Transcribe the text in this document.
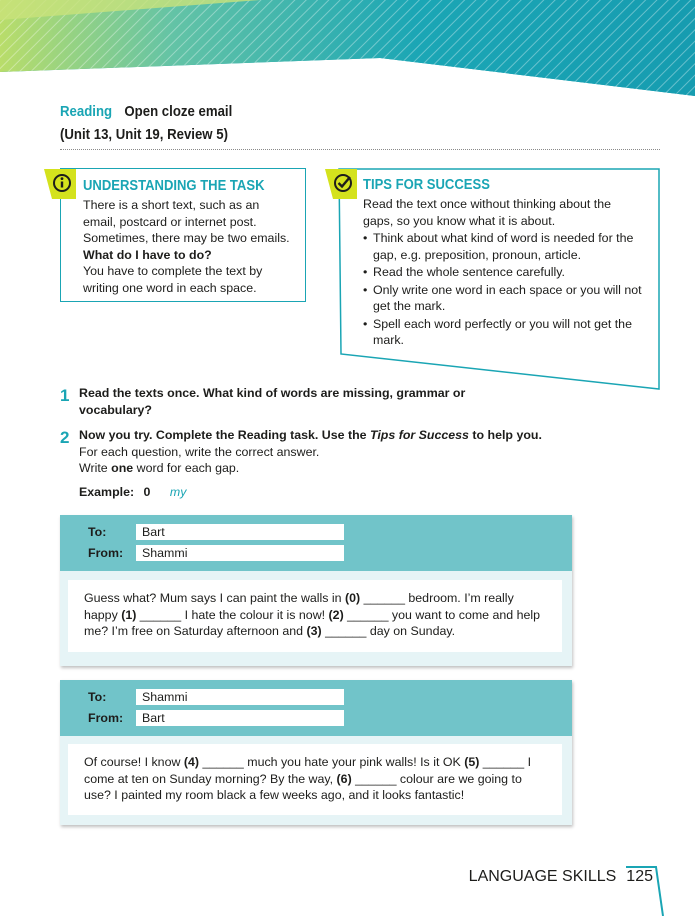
Reading Open cloze email
(Unit 13, Unit 19, Review 5)
UNDERSTANDING THE TASK
There is a short text, such as an
email, postcard or internet post.
Sometimes, there may be two emails.
What do I have to do?
You have to complete the text by
writing one word in each space.
TIPS FOR SUCCESS
Read the text once without thinking about the
gaps, so you know what it is about.
• Think about what kind of word is needed for the
gap, e.g. preposition, pronoun, article.
• Read the whole sentence carefully.
• Only write one word in each space or you will not
get the mark.
• Spell each word perfectly or you will not get the
mark.
1 Read the texts once. What kind of words are missing, grammar or
vocabulary?
2 Now you try. Complete the Reading task. Use the Tips for Success to help you.
For each question, write the correct answer.
Write one word for each gap.
Example: 0 my
To:	Bart
From:	Shammi
Guess what? Mum says I can paint the walls in (0) ______ bedroom. I’m really
happy (1) ______ I hate the colour it is now! (2) ______ you want to come and help
me? I’m free on Saturday afternoon and (3) ______ day on Sunday.
To:	Shammi
From:	Bart
Of course! I know (4) ______ much you hate your pink walls! Is it OK (5) ______ I
come at ten on Sunday morning? By the way, (6) ______ colour are we going to
use? I painted my room black a few weeks ago, and it looks fantastic!
LANGUAGE SKILLS 125
